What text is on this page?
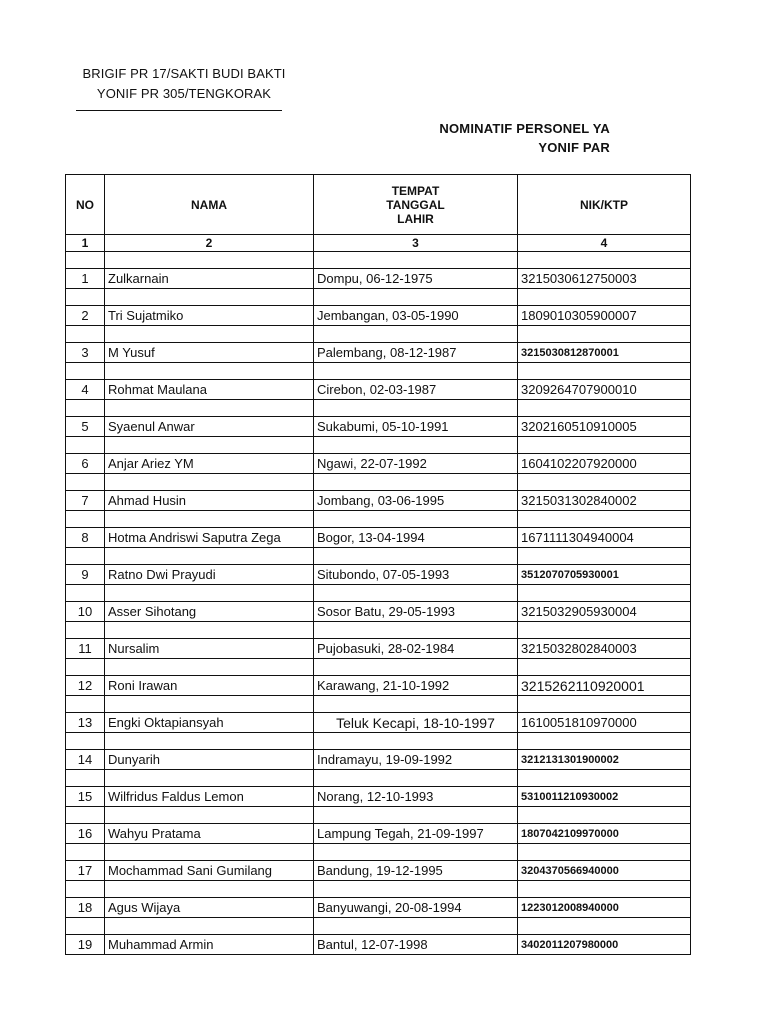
BRIGIF PR 17/SAKTI BUDI BAKTI
YONIF PR 305/TENGKORAK
NOMINATIF PERSONEL YA
YONIF PAR
NO	NAMA	TEMPAT
TANGGAL
LAHIR	NIK/KTP
1	2	3	4

1	Zulkarnain	Dompu, 06-12-1975	3215030612750003

2	Tri Sujatmiko	Jembangan, 03-05-1990	1809010305900007

3	M Yusuf	Palembang, 08-12-1987	3215030812870001

4	Rohmat Maulana	Cirebon, 02-03-1987	3209264707900010

5	Syaenul Anwar	Sukabumi, 05-10-1991	3202160510910005

6	Anjar Ariez YM	Ngawi, 22-07-1992	1604102207920000

7	Ahmad Husin	Jombang, 03-06-1995	3215031302840002

8	Hotma Andriswi Saputra Zega	Bogor, 13-04-1994	1671111304940004

9	Ratno Dwi Prayudi	Situbondo, 07-05-1993	3512070705930001

10	Asser Sihotang	Sosor Batu, 29-05-1993	3215032905930004

11	Nursalim	Pujobasuki, 28-02-1984	3215032802840003

12	Roni Irawan	Karawang, 21-10-1992	3215262110920001

13	Engki Oktapiansyah	Teluk Kecapi, 18-10-1997	1610051810970000

14	Dunyarih	Indramayu, 19-09-1992	3212131301900002

15	Wilfridus Faldus Lemon	Norang, 12-10-1993	5310011210930002

16	Wahyu Pratama	Lampung Tegah, 21-09-1997	1807042109970000

17	Mochammad Sani Gumilang	Bandung, 19-12-1995	3204370566940000

18	Agus Wijaya	Banyuwangi, 20-08-1994	1223012008940000

19	Muhammad Armin	Bantul, 12-07-1998	3402011207980000
